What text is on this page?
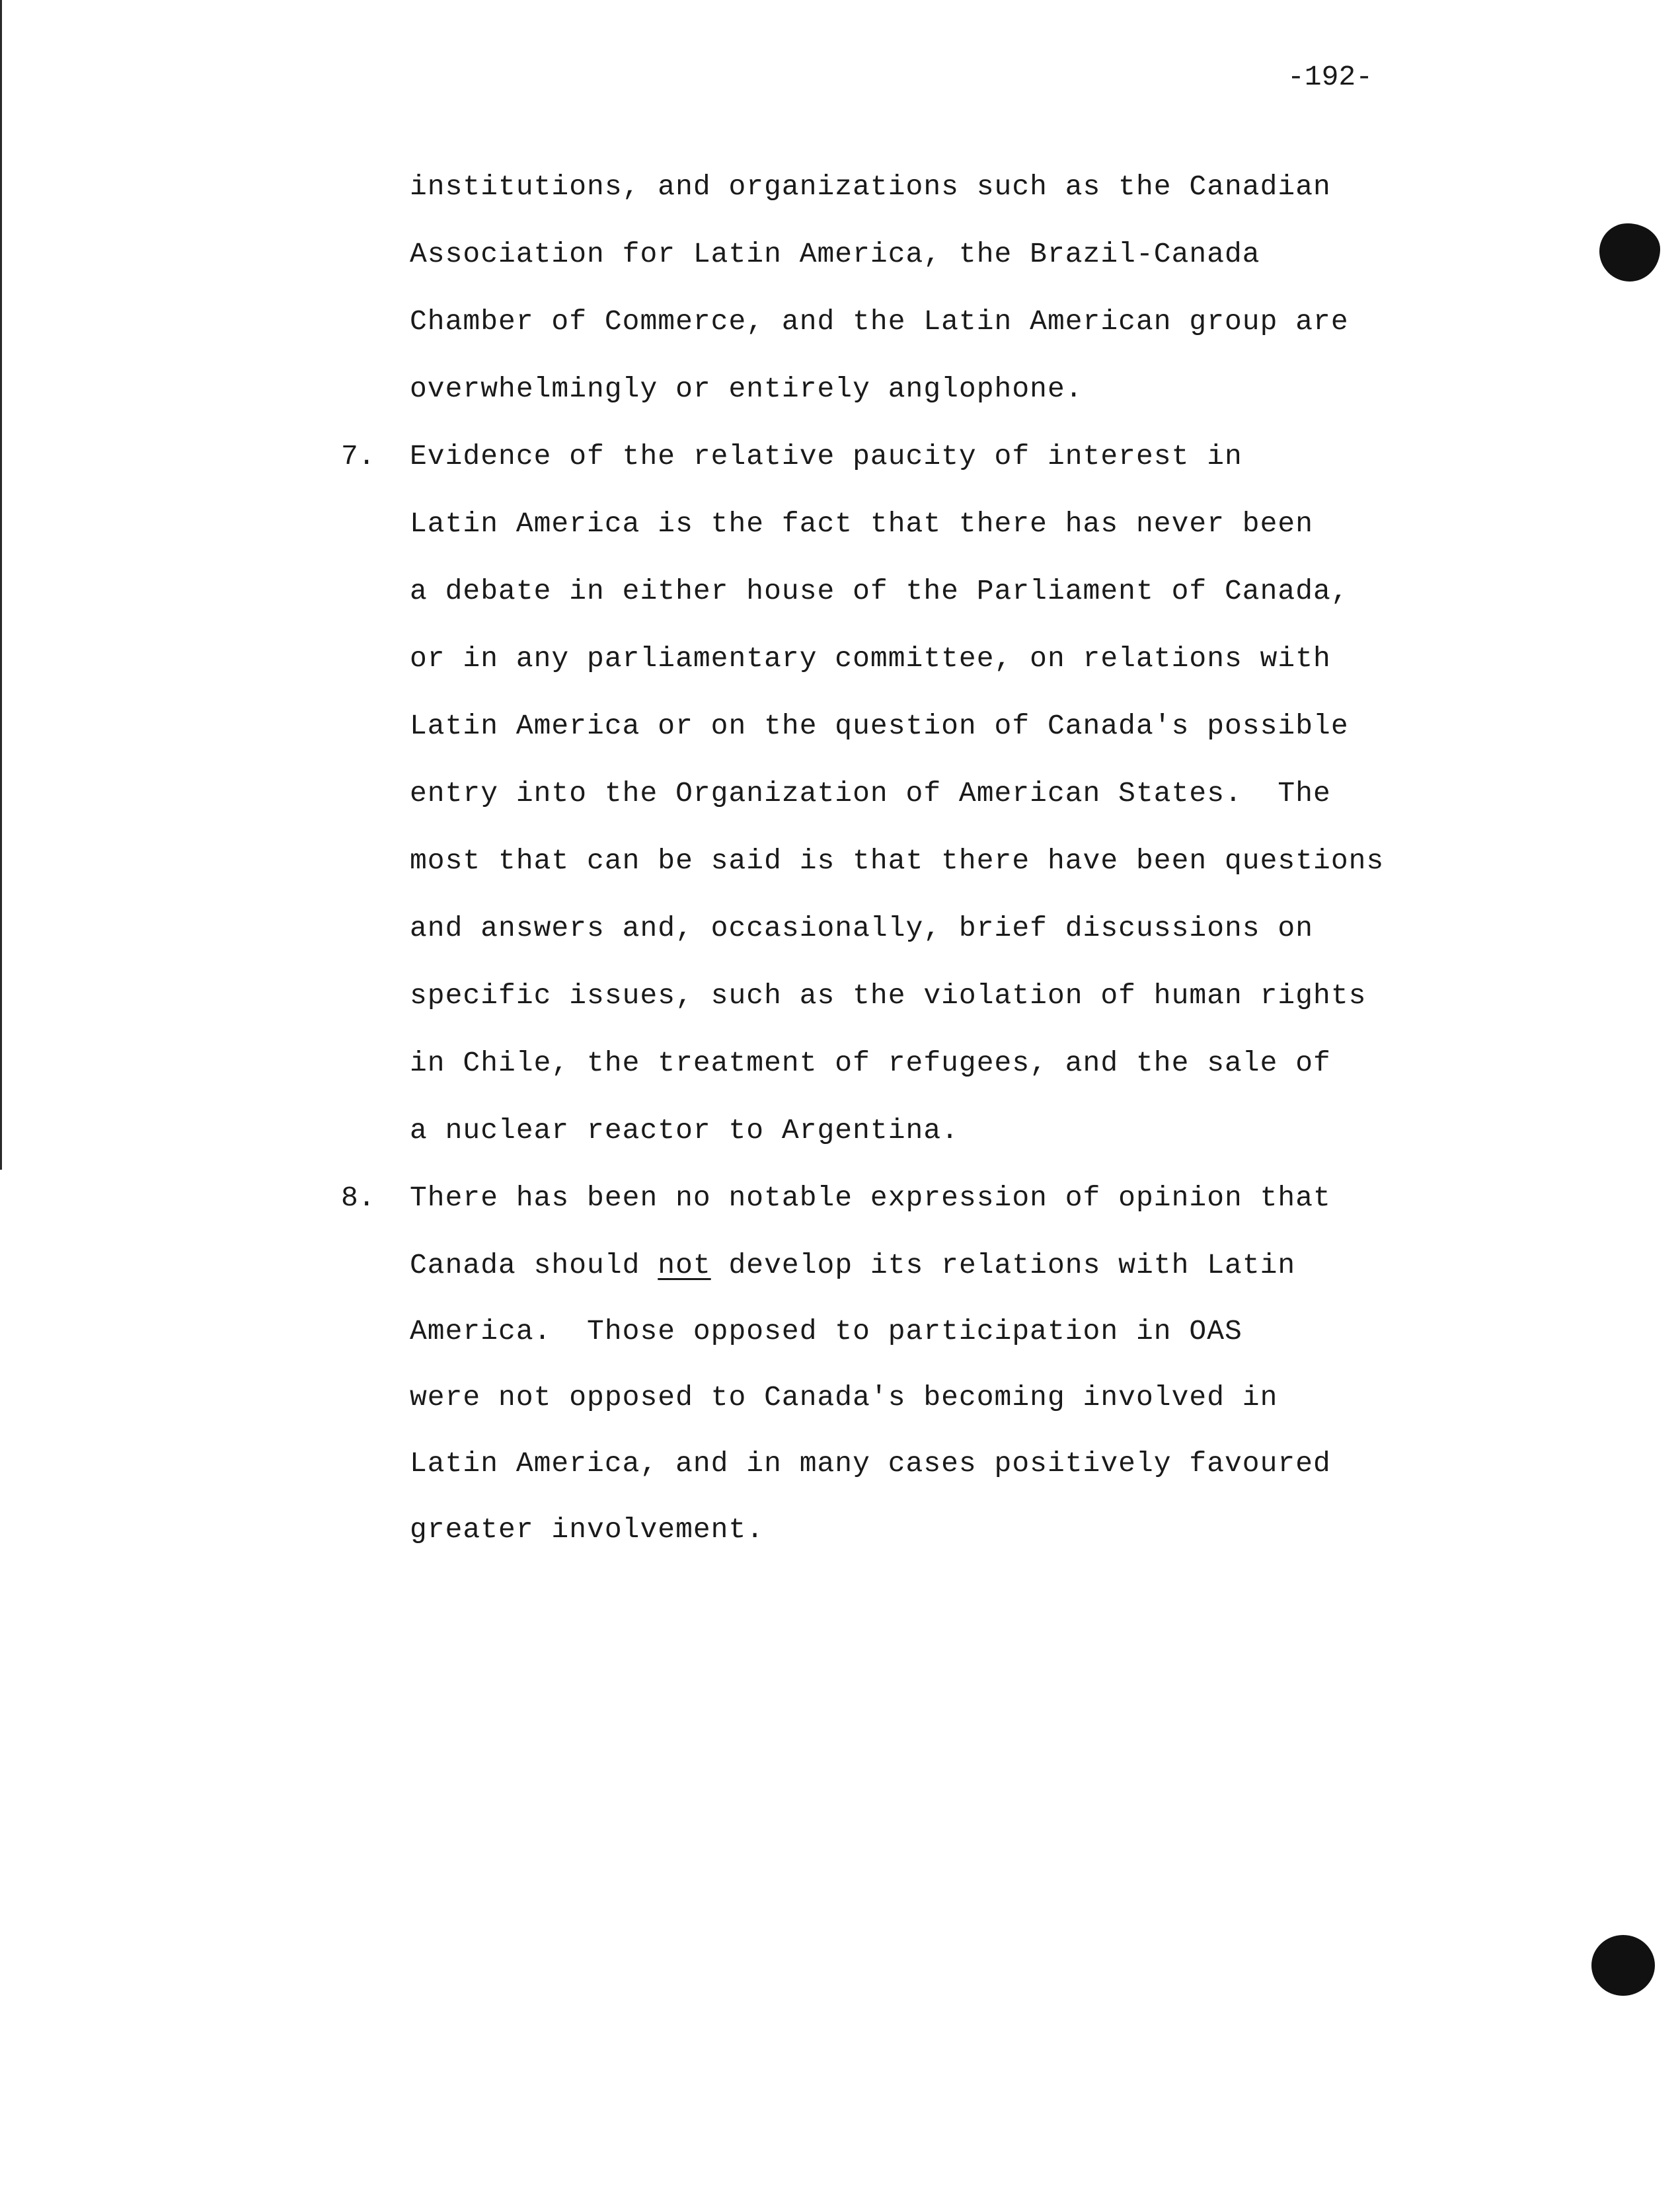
-192-
institutions, and organizations such as the Canadian
Association for Latin America, the Brazil-Canada
Chamber of Commerce, and the Latin American group are
overwhelmingly or entirely anglophone.
7. Evidence of the relative paucity of interest in
Latin America is the fact that there has never been
a debate in either house of the Parliament of Canada,
or in any parliamentary committee, on relations with
Latin America or on the question of Canada's possible
entry into the Organization of American States.  The
most that can be said is that there have been questions
and answers and, occasionally, brief discussions on
specific issues, such as the violation of human rights
in Chile, the treatment of refugees, and the sale of
a nuclear reactor to Argentina.
8. There has been no notable expression of opinion that
Canada should not develop its relations with Latin
America.  Those opposed to participation in OAS
were not opposed to Canada's becoming involved in
Latin America, and in many cases positively favoured
greater involvement.
